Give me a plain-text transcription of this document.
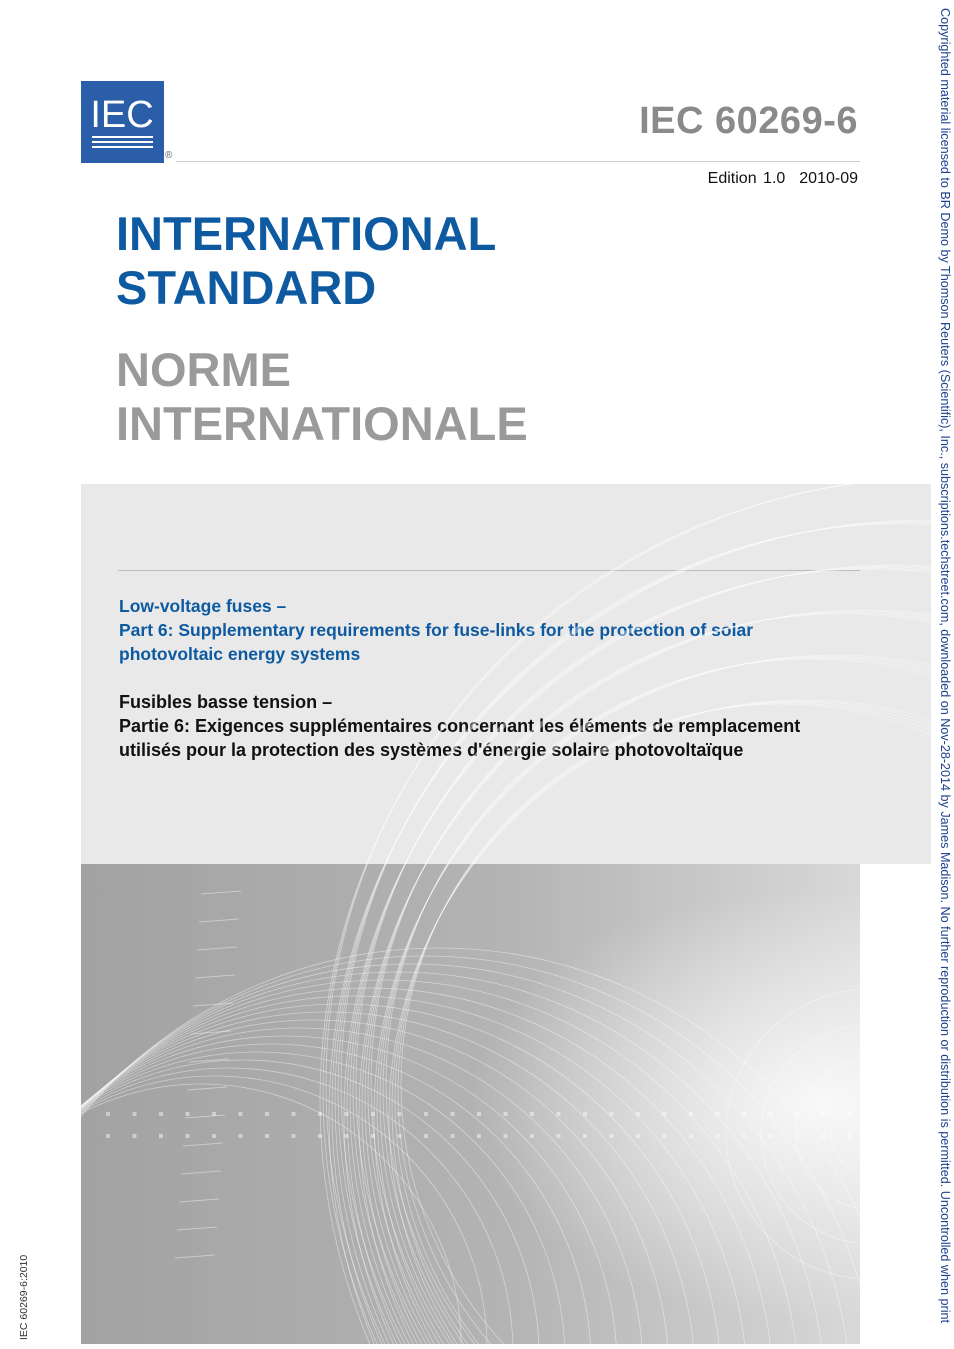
IEC
®
IEC 60269-6
Edition 1.0 2010-09
INTERNATIONAL
STANDARD
NORME
INTERNATIONALE
Low-voltage fuses –
Part 6: Supplementary requirements for fuse-links for the protection of solar photovoltaic energy systems
Fusibles basse tension –
Partie 6: Exigences supplémentaires concernant les éléments de remplacement utilisés pour la protection des systèmes d'énergie solaire photovoltaïque	Copyrighted material licensed to BR Demo by Thomson Reuters (Scientific), Inc., subscriptions.techstreet.com, downloaded on Nov-28-2014 by James Madison. No further reproduction or distribution is permitted. Uncontrolled when print
IEC 60269-6:2010
